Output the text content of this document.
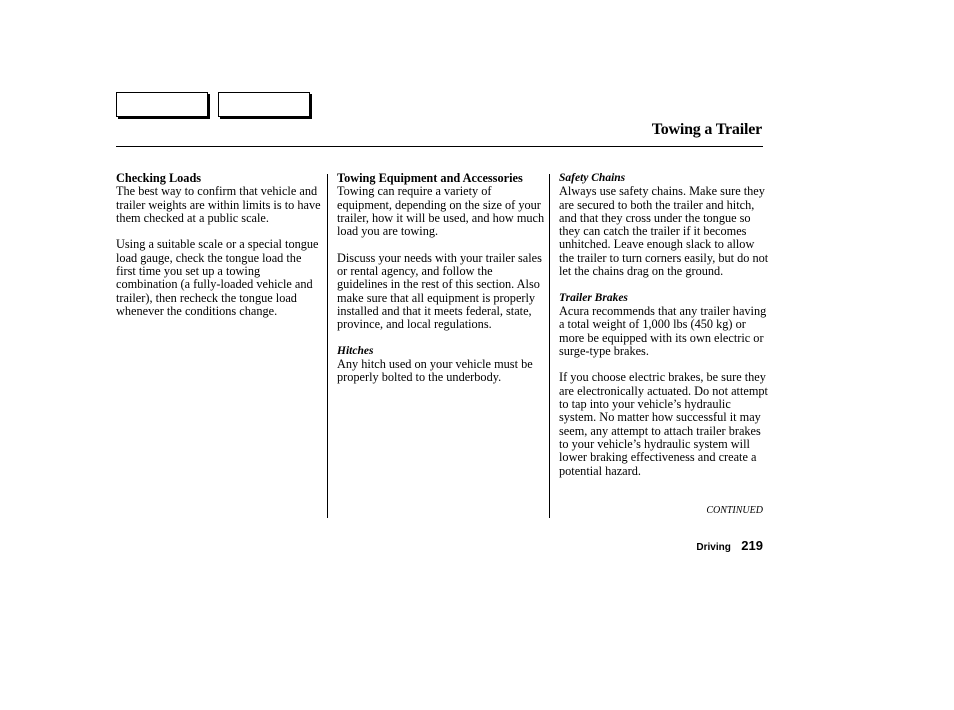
Towing a Trailer

Checking Loads

The best way to confirm that vehicle and trailer weights are within limits is to have them checked at a public scale.

Using a suitable scale or a special tongue load gauge, check the tongue load the first time you set up a towing combination (a fully-loaded vehicle and trailer), then recheck the tongue load whenever the conditions change.

Towing Equipment and Accessories

Towing can require a variety of equipment, depending on the size of your trailer, how it will be used, and how much load you are towing.

Discuss your needs with your trailer sales or rental agency, and follow the guidelines in the rest of this section. Also make sure that all equipment is properly installed and that it meets federal, state, province, and local regulations.

Hitches

Any hitch used on your vehicle must be properly bolted to the underbody.

Safety Chains

Always use safety chains. Make sure they are secured to both the trailer and hitch, and that they cross under the tongue so they can catch the trailer if it becomes unhitched. Leave enough slack to allow the trailer to turn corners easily, but do not let the chains drag on the ground.

Trailer Brakes

Acura recommends that any trailer having a total weight of 1,000 lbs (450 kg) or more be equipped with its own electric or surge-type brakes.

If you choose electric brakes, be sure they are electronically actuated. Do not attempt to tap into your vehicle’s hydraulic system. No matter how successful it may seem, any attempt to attach trailer brakes to your vehicle’s hydraulic system will lower braking effectiveness and create a potential hazard.

CONTINUED
Driving 219
